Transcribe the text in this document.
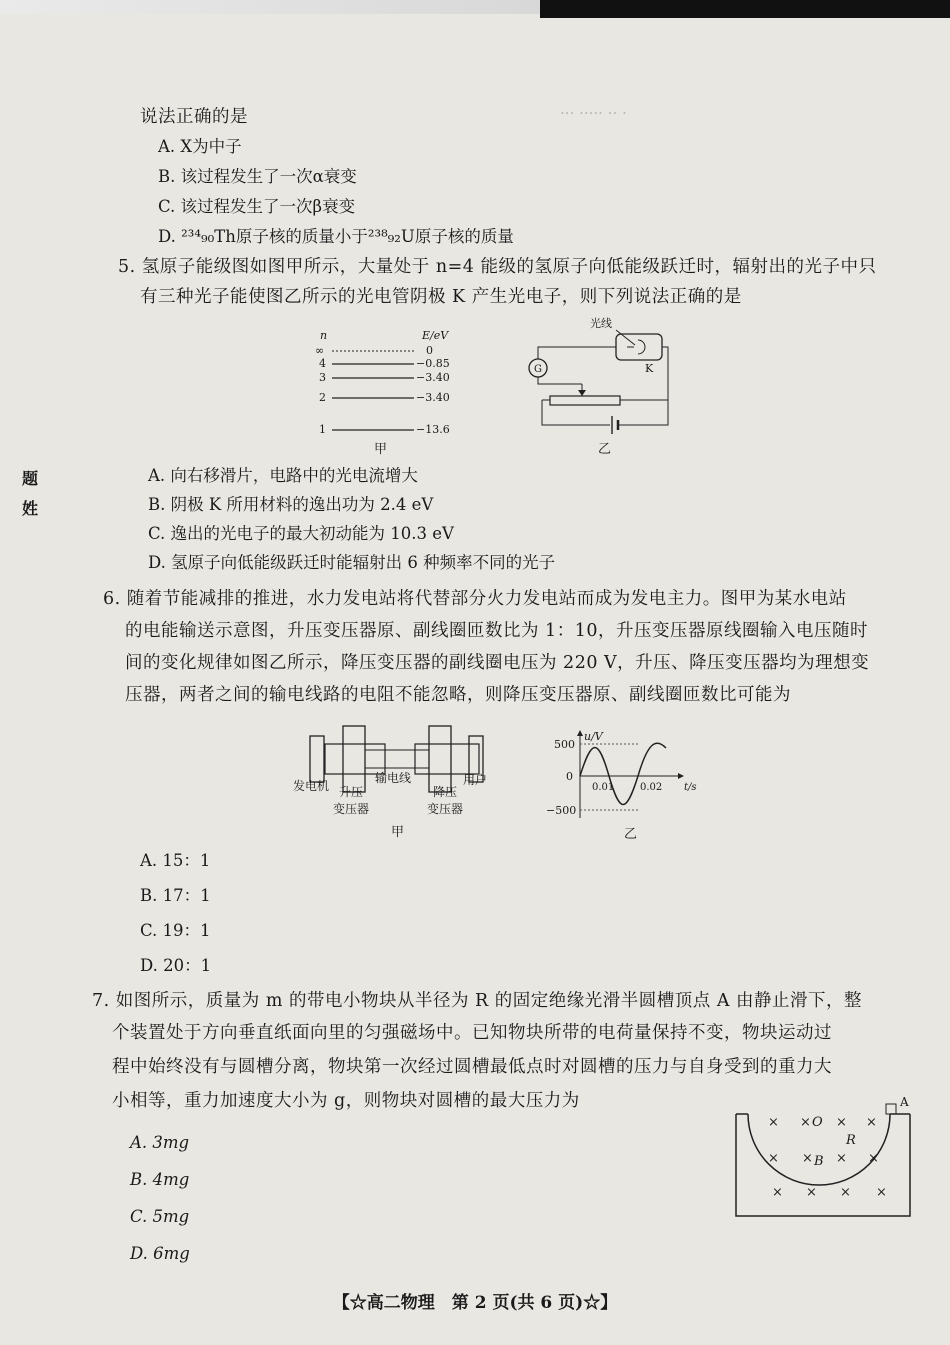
··· ····· ·· ·
说法正确的是
A. X为中子
B. 该过程发生了一次α衰变
C. 该过程发生了一次β衰变
D. ²³⁴₉₀Th原子核的质量小于²³⁸₉₂U原子核的质量
5. 氢原子能级图如图甲所示，大量处于 n=4 能级的氢原子向低能级跃迁时，辐射出的光子中只
有三种光子能使图乙所示的光电管阴极 K 产生光电子，则下列说法正确的是
n	E/eV
∞	0
4	−0.85
3	−3.40
2	−3.40
1	−13.6
甲
光线
K
G
乙
A. 向右移滑片，电路中的光电流增大
B. 阴极 K 所用材料的逸出功为 2.4 eV
C. 逸出的光电子的最大初动能为 10.3 eV
D. 氢原子向低能级跃迁时能辐射出 6 种频率不同的光子
题
姓
6. 随着节能减排的推进，水力发电站将代替部分火力发电站而成为发电主力。图甲为某水电站
的电能输送示意图，升压变压器原、副线圈匝数比为 1：10，升压变压器原线圈输入电压随时
间的变化规律如图乙所示，降压变压器的副线圈电压为 220 V，升压、降压变压器均为理想变
压器，两者之间的输电线路的电阻不能忽略，则降压变压器原、副线圈匝数比可能为
发电机 升压
变压器
输电线
降压
变压器
用户
甲
u/V
t/s
500
0
−500
0.01	0.02
乙
A. 15：1
B. 17：1
C. 19：1
D. 20：1
7. 如图所示，质量为 m 的带电小物块从半径为 R 的固定绝缘光滑半圆槽顶点 A 由静止滑下，整
个装置处于方向垂直纸面向里的匀强磁场中。已知物块所带的电荷量保持不变，物块运动过
程中始终没有与圆槽分离，物块第一次经过圆槽最低点时对圆槽的压力与自身受到的重力大
小相等，重力加速度大小为 g，则物块对圆槽的最大压力为	A
O
R
B
× × × ×
× × × ×
× × × ×
A. 3mg
B. 4mg
C. 5mg
D. 6mg
【☆高二物理　第 2 页(共 6 页)☆】
